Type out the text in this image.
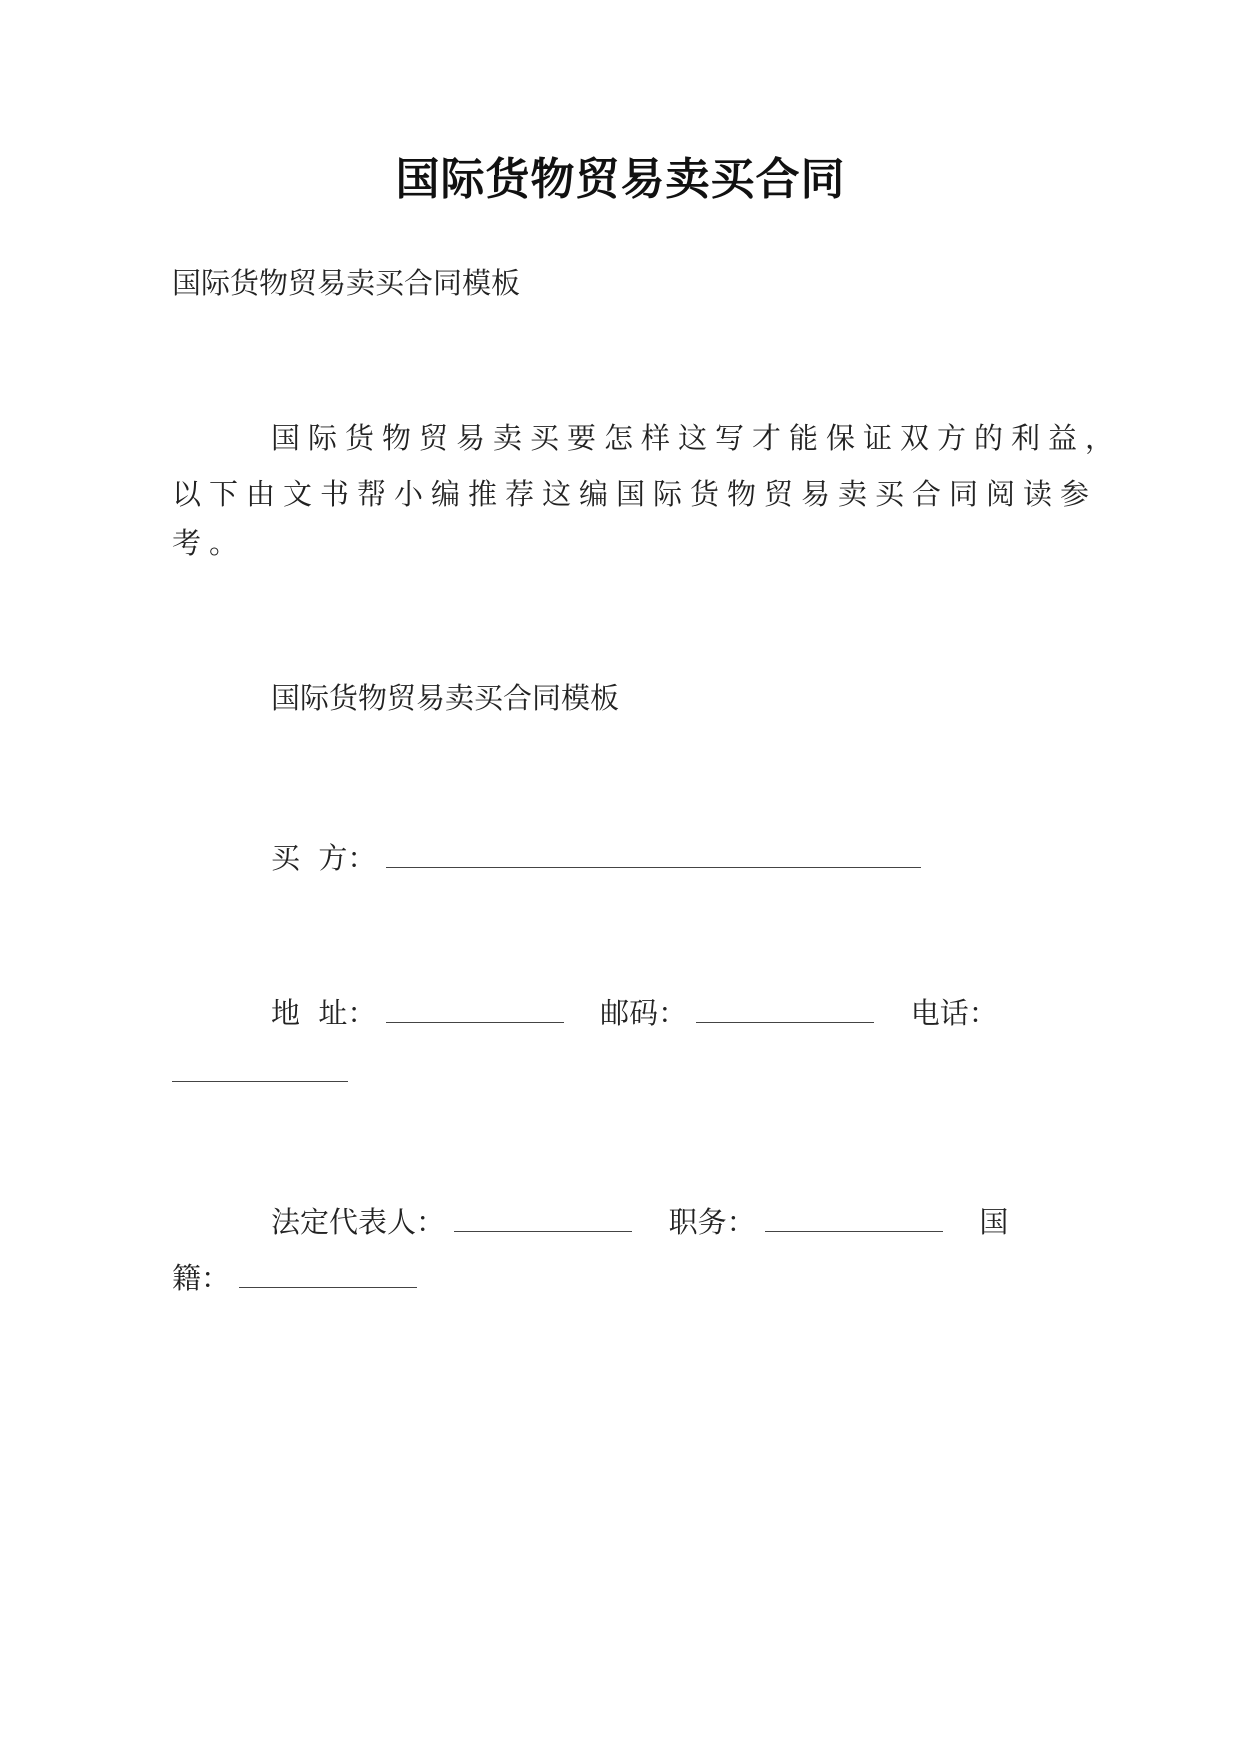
国际货物贸易卖买合同
国际货物贸易卖买合同模板
国际货物贸易卖买要怎样这写才能保证双方的利益，
以下由文书帮小编推荐这编国际货物贸易卖买合同阅读参
考。
国际货物贸易卖买合同模板
买  方：
地  址：	邮码：	电话：
法定代表人：	职务：	国
籍：
